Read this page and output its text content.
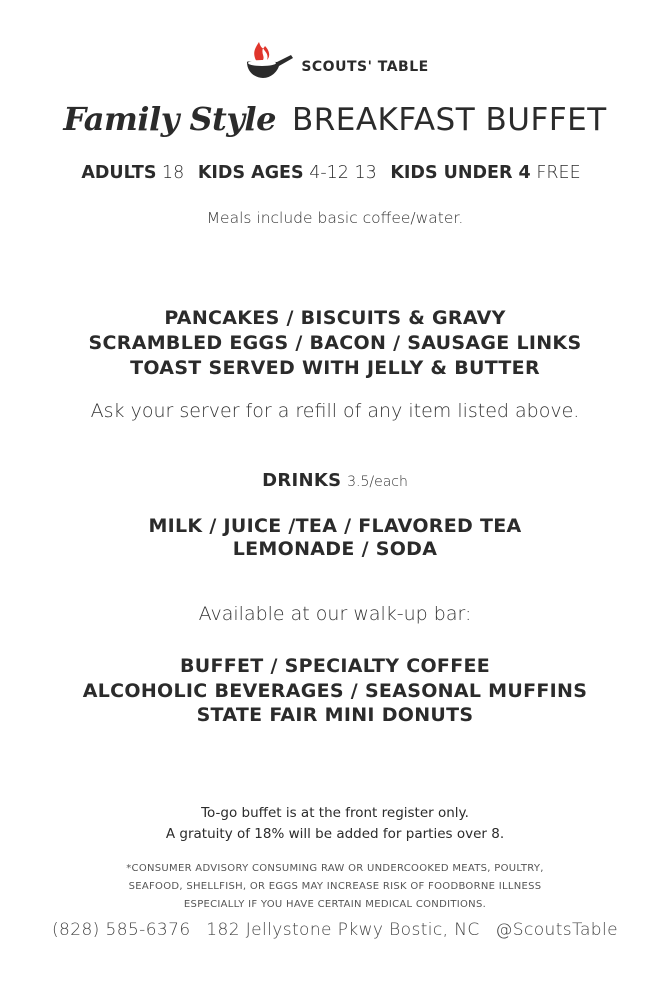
SCOUTS' TABLE
Family Style BREAKFAST BUFFET
ADULTS 18 KIDS AGES 4-12 13 KIDS UNDER 4 FREE
Meals include basic coffee/water.
PANCAKES / BISCUITS & GRAVY
SCRAMBLED EGGS / BACON / SAUSAGE LINKS
TOAST SERVED WITH JELLY & BUTTER
Ask your server for a refill of any item listed above.
DRINKS 3.5/each
MILK / JUICE /TEA / FLAVORED TEA
LEMONADE / SODA
Available at our walk-up bar:
BUFFET / SPECIALTY COFFEE
ALCOHOLIC BEVERAGES / SEASONAL MUFFINS
STATE FAIR MINI DONUTS
To-go buffet is at the front register only.
A gratuity of 18% will be added for parties over 8.
*CONSUMER ADVISORY CONSUMING RAW OR UNDERCOOKED MEATS, POULTRY,
SEAFOOD, SHELLFISH, OR EGGS MAY INCREASE RISK OF FOODBORNE ILLNESS
ESPECIALLY IF YOU HAVE CERTAIN MEDICAL CONDITIONS.
(828) 585-6376 182 Jellystone Pkwy Bostic, NC @ScoutsTable
